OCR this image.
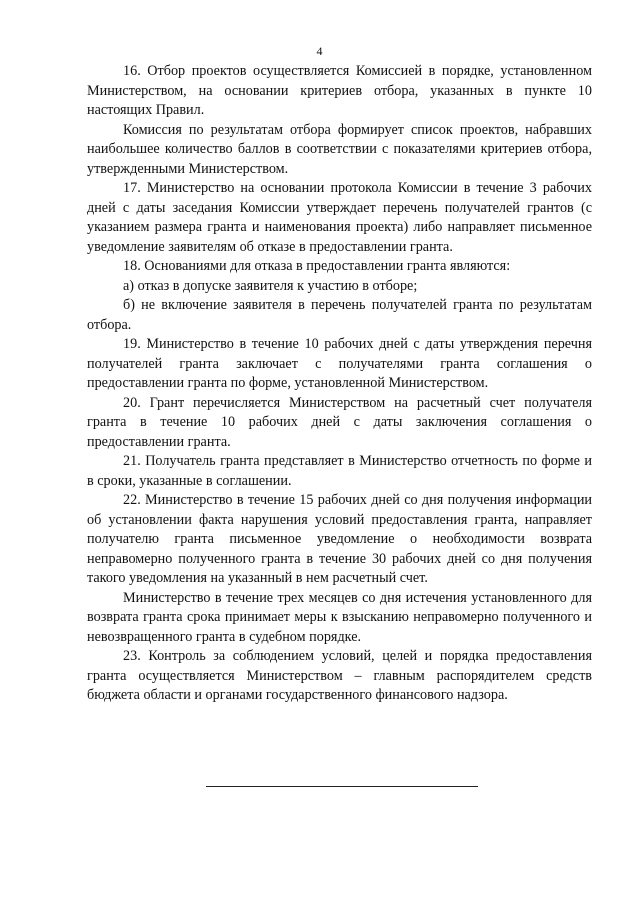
4

16. Отбор проектов осуществляется Комиссией в порядке, установленном Министерством, на основании критериев отбора, указанных в пункте 10 настоящих Правил.

Комиссия по результатам отбора формирует список проектов, набравших наибольшее количество баллов в соответствии с показателями критериев отбора, утвержденными Министерством.

17. Министерство на основании протокола Комиссии в течение 3 рабочих дней с даты заседания Комиссии утверждает перечень получателей грантов (с указанием размера гранта и наименования проекта) либо направляет письменное уведомление заявителям об отказе в предоставлении гранта.

18. Основаниями для отказа в предоставлении гранта являются:

а) отказ в допуске заявителя к участию в отборе;

б) не включение заявителя в перечень получателей гранта по результатам отбора.

19. Министерство в течение 10 рабочих дней с даты утверждения перечня получателей гранта заключает с получателями гранта соглашения о предоставлении гранта по форме, установленной Министерством.

20. Грант перечисляется Министерством на расчетный счет получателя гранта в течение 10 рабочих дней с даты заключения соглашения о предоставлении гранта.

21. Получатель гранта представляет в Министерство отчетность по форме и в сроки, указанные в соглашении.

22. Министерство в течение 15 рабочих дней со дня получения информации об установлении факта нарушения условий предоставления гранта, направляет получателю гранта письменное уведомление о необходимости возврата неправомерно полученного гранта в течение 30 рабочих дней со дня получения такого уведомления на указанный в нем расчетный счет.

Министерство в течение трех месяцев со дня истечения установленного для возврата гранта срока принимает меры к взысканию неправомерно полученного и невозвращенного гранта в судебном порядке.

23. Контроль за соблюдением условий, целей и порядка предоставления гранта осуществляется Министерством – главным распорядителем средств бюджета области и органами государственного финансового надзора.
